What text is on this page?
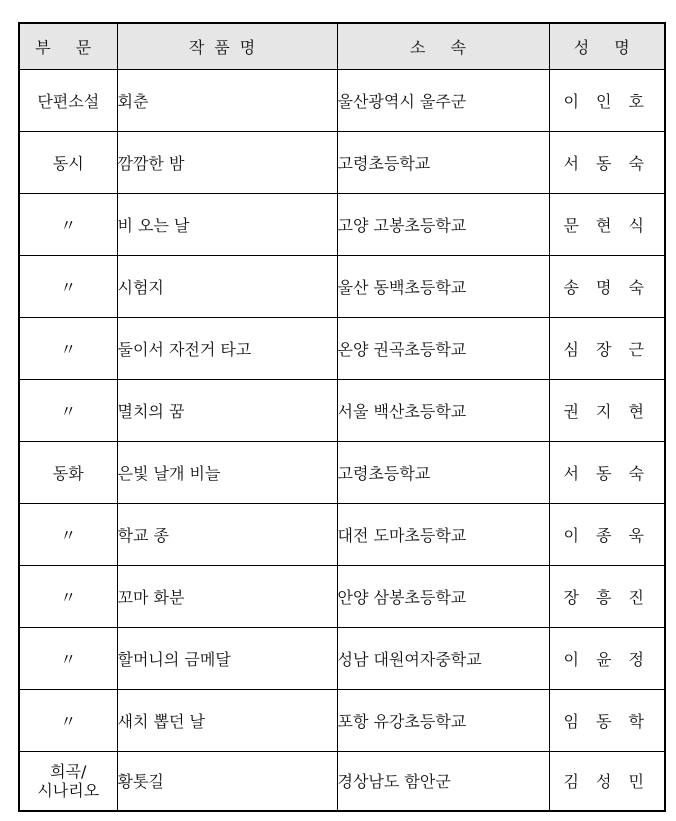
부 문	작품명	소 속	성 명
단편소설	회춘	울산광역시 울주군	이 인 호
동시	깜깜한 밤	고령초등학교	서 동 숙
〃	비 오는 날	고양 고봉초등학교	문 현 식
〃	시험지	울산 동백초등학교	송 명 숙
〃	둘이서 자전거 타고	온양 권곡초등학교	심 장 근
〃	멸치의 꿈	서울 백산초등학교	권 지 현
동화	은빛 날개 비늘	고령초등학교	서 동 숙
〃	학교 종	대전 도마초등학교	이 종 욱
〃	꼬마 화분	안양 삼봉초등학교	장 흥 진
〃	할머니의 금메달	성남 대원여자중학교	이 윤 정
〃	새치 뽑던 날	포항 유강초등학교	임 동 학
희곡/
시나리오	황톳길	경상남도 함안군	김 성 민
